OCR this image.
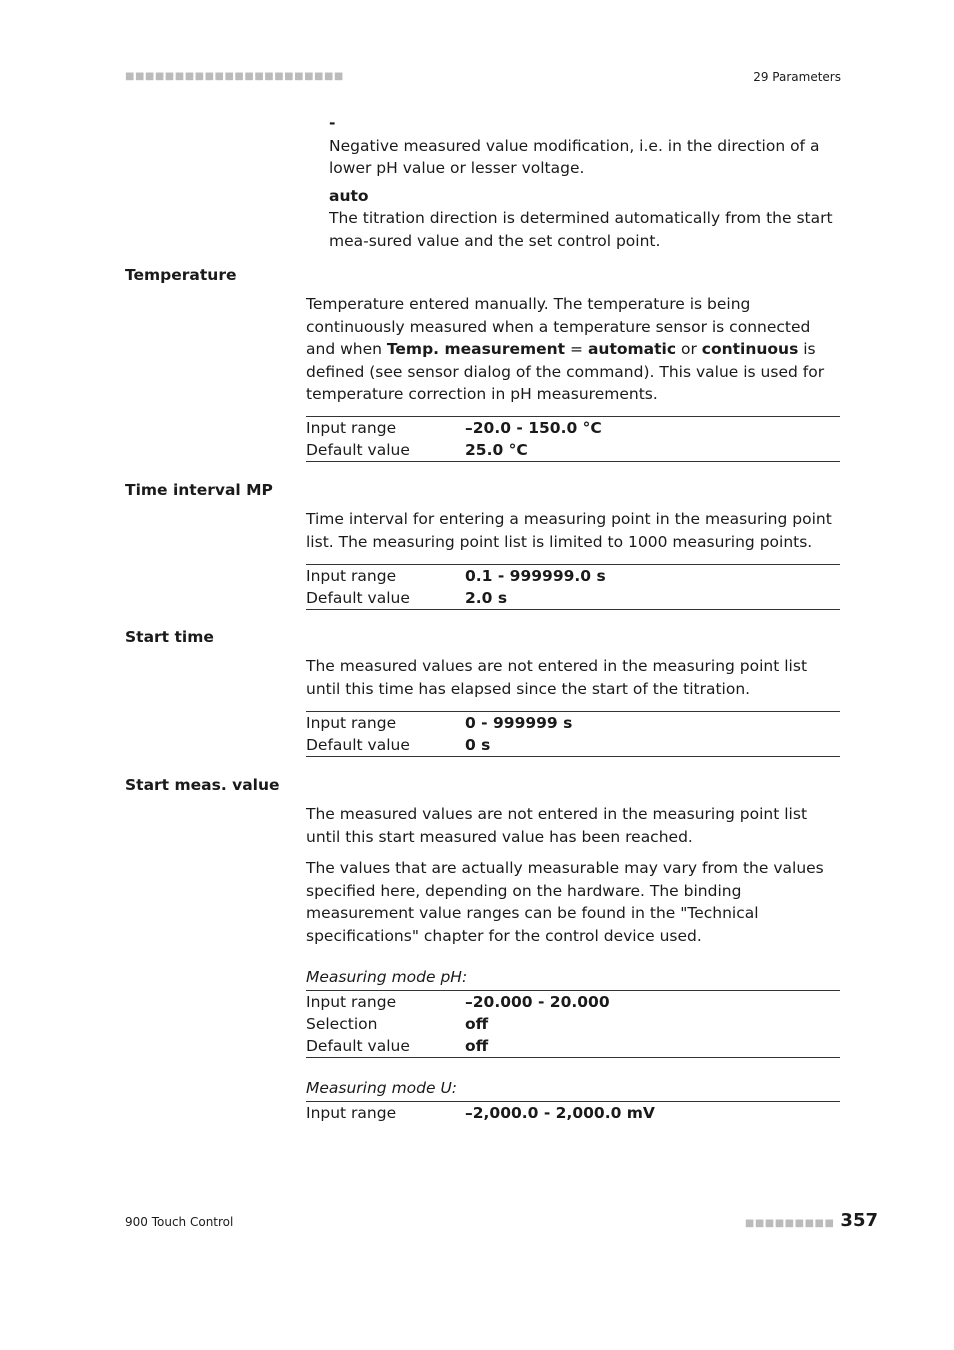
■■■■■■■■■■■■■■■■■■■■■■	29 Parameters

-

Negative measured value modification, i.e. in the direction of a lower pH value or lesser voltage.

auto

The titration direction is determined automatically from the start mea-sured value and the set control point.

Temperature

Temperature entered manually. The temperature is being continuously measured when a temperature sensor is connected and when Temp. measurement = automatic or continuous is defined (see sensor dialog of the command). This value is used for temperature correction in pH measurements.

Input range	–20.0 - 150.0 °C
Default value	25.0 °C
Time interval MP

Time interval for entering a measuring point in the measuring point list. The measuring point list is limited to 1000 measuring points.

Input range	0.1 - 999999.0 s
Default value	2.0 s
Start time

The measured values are not entered in the measuring point list until this time has elapsed since the start of the titration.

Input range	0 - 999999 s
Default value	0 s
Start meas. value

The measured values are not entered in the measuring point list until this start measured value has been reached.

The values that are actually measurable may vary from the values specified here, depending on the hardware. The binding measurement value ranges can be found in the "Technical specifications" chapter for the control device used.

Measuring mode pH:
Input range	–20.000 - 20.000
Selection	off
Default value	off
Measuring mode U:
Input range	–2,000.0 - 2,000.0 mV
900 Touch Control	■■■■■■■■■ 357
